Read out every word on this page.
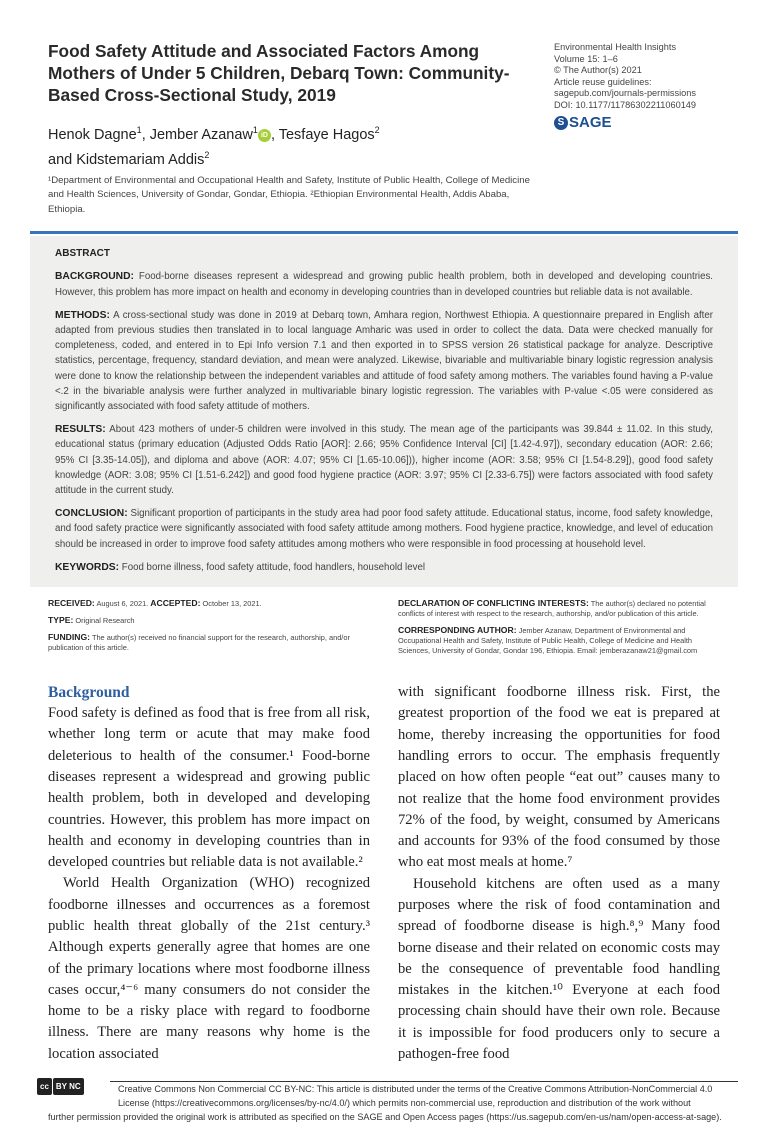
Food Safety Attitude and Associated Factors Among Mothers of Under 5 Children, Debarq Town: Community-Based Cross-Sectional Study, 2019
Henok Dagne$^1$, Jember Azanaw$^1$iD , Tesfaye Hagos$^2$
and Kidstemariam Addis$^2$
¹Department of Environmental and Occupational Health and Safety, Institute of Public Health, College of Medicine and Health Sciences, University of Gondar, Gondar, Ethiopia. ²Ethiopian Environmental Health, Addis Ababa, Ethiopia.
Environmental Health Insights
Volume 15: 1–6
© The Author(s) 2021
Article reuse guidelines:
sagepub.com/journals-permissions
DOI: 10.1177/11786302211060149
S SAGE
ABSTRACT

BACKGROUND: Food-borne diseases represent a widespread and growing public health problem, both in developed and developing countries. However, this problem has more impact on health and economy in developing countries than in developed countries but reliable data is not available.

METHODS: A cross-sectional study was done in 2019 at Debarq town, Amhara region, Northwest Ethiopia. A questionnaire prepared in English after adapted from previous studies then translated in to local language Amharic was used in order to collect the data. Data were checked manually for completeness, coded, and entered in to Epi Info version 7.1 and then exported in to SPSS version 26 statistical package for analyze. Descriptive statistics, percentage, frequency, standard deviation, and mean were analyzed. Likewise, bivariable and multivariable binary logistic regression analysis were done to know the relationship between the independent variables and attitude of food safety among mothers. The variables found having a P-value <.2 in the bivariable analysis were further analyzed in multivariable binary logistic regression. The variables with P-value <.05 were considered as significantly associated with food safety attitude of mothers.

RESULTS: About 423 mothers of under-5 children were involved in this study. The mean age of the participants was 39.844 ± 11.02. In this study, educational status (primary education (Adjusted Odds Ratio [AOR]: 2.66; 95% Confidence Interval [CI] [1.42-4.97]), secondary education (AOR: 2.66; 95% CI [3.35-14.05]), and diploma and above (AOR: 4.07; 95% CI [1.65-10.06])), higher income (AOR: 3.58; 95% CI [1.54-8.29]), good food safety knowledge (AOR: 3.08; 95% CI [1.51-6.242]) and good food hygiene practice (AOR: 3.97; 95% CI [2.33-6.75]) were factors associated with food safety attitude in the current study.

CONCLUSION: Significant proportion of participants in the study area had poor food safety attitude. Educational status, income, food safety knowledge, and food safety practice were significantly associated with food safety attitude among mothers. Food hygiene practice, knowledge, and level of education should be increased in order to improve food safety attitudes among mothers who were responsible in food processing at household level.

KEYWORDS: Food borne illness, food safety attitude, food handlers, household level

RECEIVED: August 6, 2021. ACCEPTED: October 13, 2021.

TYPE: Original Research

FUNDING: The author(s) received no financial support for the research, authorship, and/or publication of this article.

DECLARATION OF CONFLICTING INTERESTS: The author(s) declared no potential conflicts of interest with respect to the research, authorship, and/or publication of this article.

CORRESPONDING AUTHOR: Jember Azanaw, Department of Environmental and Occupational Health and Safety, Institute of Public Health, College of Medicine and Health Sciences, University of Gondar, Gondar 196, Ethiopia. Email: jemberazanaw21@gmail.com

Background

Food safety is defined as food that is free from all risk, whether long term or acute that may make food deleterious to health of the consumer.¹ Food-borne diseases represent a widespread and growing public health problem, both in developed and developing countries. However, this problem has more impact on health and economy in developing countries than in developed countries but reliable data is not available.²

World Health Organization (WHO) recognized foodborne illnesses and occurrences as a foremost public health threat globally of the 21st century.³ Although experts generally agree that homes are one of the primary locations where most foodborne illness cases occur,⁴⁻⁶ many consumers do not consider the home to be a risky place with regard to foodborne illness. There are many reasons why home is the location associated

with significant foodborne illness risk. First, the greatest proportion of the food we eat is prepared at home, thereby increasing the opportunities for food handling errors to occur. The emphasis frequently placed on how often people “eat out” causes many to not realize that the home food environment provides 72% of the food, by weight, consumed by Americans and accounts for 93% of the food consumed by those who eat most meals at home.⁷

Household kitchens are often used as a many purposes where the risk of food contamination and spread of foodborne disease is high.⁸,⁹ Many food borne disease and their related on economic costs may be the consequence of preventable food handling mistakes in the kitchen.¹⁰ Everyone at each food processing chain should have their own role. Because it is impossible for food producers only to secure a pathogen-free food

cc BY NC	Creative Commons Non Commercial CC BY-NC: This article is distributed under the terms of the Creative Commons Attribution-NonCommercial 4.0 License (https://creativecommons.org/licenses/by-nc/4.0/) which permits non-commercial use, reproduction and distribution of the work without
further permission provided the original work is attributed as specified on the SAGE and Open Access pages (https://us.sagepub.com/en-us/nam/open-access-at-sage).
